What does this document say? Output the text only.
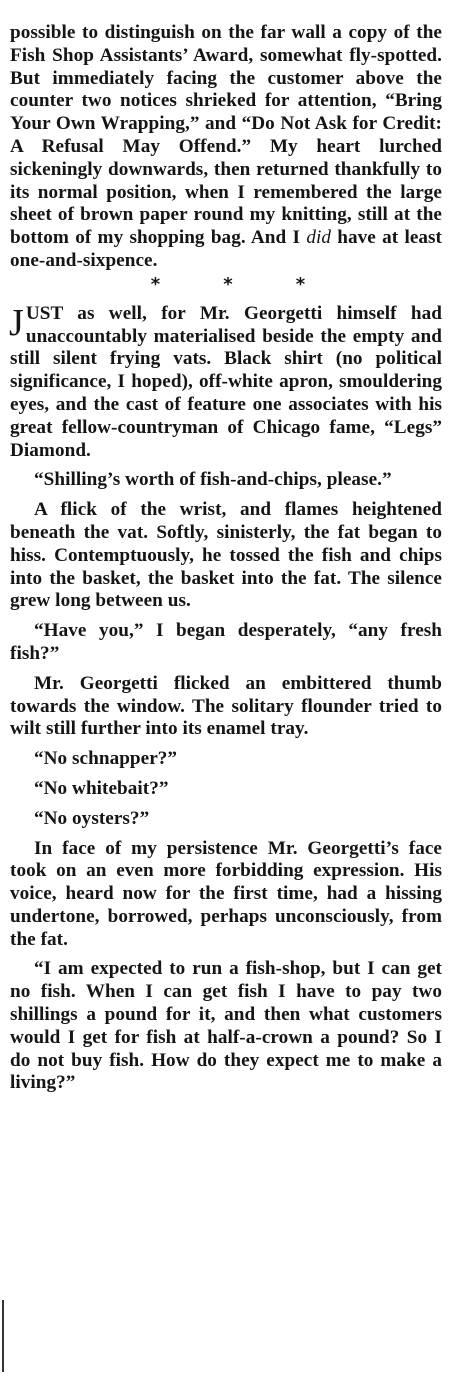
possible to distinguish on the far wall a copy of the Fish Shop Assistants’ Award, somewhat fly-spotted. But immediately facing the customer above the counter two notices shrieked for attention, “Bring Your Own Wrapping,” and “Do Not Ask for Credit: A Refusal May Offend.” My heart lurched sickeningly downwards, then returned thankfully to its normal position, when I remembered the large sheet of brown paper round my knitting, still at the bottom of my shopping bag. And I did have at least one-and-sixpence.

*	*	*

JUST as well, for Mr. Georgetti himself had unaccountably materialised beside the empty and still silent frying vats. Black shirt (no political significance, I hoped), off-white apron, smouldering eyes, and the cast of feature one associates with his great fellow-countryman of Chicago fame, “Legs” Diamond.

“Shilling’s worth of fish-and-chips, please.”

A flick of the wrist, and flames heightened beneath the vat. Softly, sinisterly, the fat began to hiss. Contemptuously, he tossed the fish and chips into the basket, the basket into the fat. The silence grew long between us.

“Have you,” I began desperately, “any fresh fish?”

Mr. Georgetti flicked an embittered thumb towards the window. The solitary flounder tried to wilt still further into its enamel tray.

“No schnapper?”

“No whitebait?”

“No oysters?”

In face of my persistence Mr. Georgetti’s face took on an even more forbidding expression. His voice, heard now for the first time, had a hissing undertone, borrowed, perhaps unconsciously, from the fat.

“I am expected to run a fish-shop, but I can get no fish. When I can get fish I have to pay two shillings a pound for it, and then what customers would I get for fish at half-a-crown a pound? So I do not buy fish. How do they expect me to make a living?”
